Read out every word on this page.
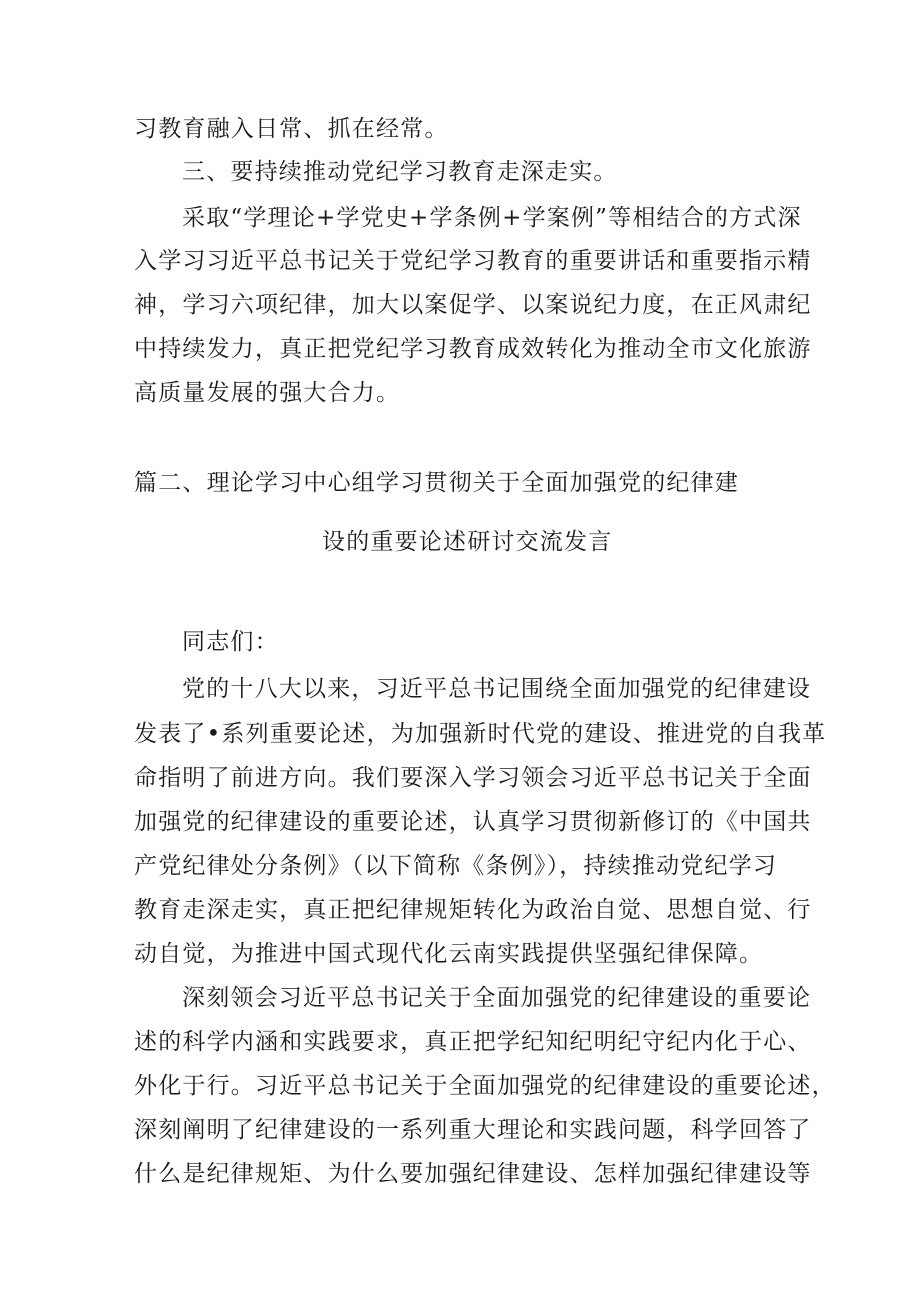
习教育融入日常、抓在经常。
三、要持续推动党纪学习教育走深走实。
采取“学理论+学党史+学条例+学案例”等相结合的方式深
入学习习近平总书记关于党纪学习教育的重要讲话和重要指示精
神，学习六项纪律，加大以案促学、以案说纪力度，在正风肃纪
中持续发力，真正把党纪学习教育成效转化为推动全市文化旅游
高质量发展的强大合力。
篇二、理论学习中心组学习贯彻关于全面加强党的纪律建
设的重要论述研讨交流发言
同志们：
党的十八大以来，习近平总书记围绕全面加强党的纪律建设
发表了•系列重要论述，为加强新时代党的建设、推进党的自我革
命指明了前进方向。我们要深入学习领会习近平总书记关于全面
加强党的纪律建设的重要论述，认真学习贯彻新修订的《中国共
产党纪律处分条例》（以下简称《条例》），持续推动党纪学习
教育走深走实，真正把纪律规矩转化为政治自觉、思想自觉、行
动自觉，为推进中国式现代化云南实践提供坚强纪律保障。
深刻领会习近平总书记关于全面加强党的纪律建设的重要论
述的科学内涵和实践要求，真正把学纪知纪明纪守纪内化于心、
外化于行。习近平总书记关于全面加强党的纪律建设的重要论述，
深刻阐明了纪律建设的一系列重大理论和实践问题，科学回答了
什么是纪律规矩、为什么要加强纪律建设、怎样加强纪律建设等
